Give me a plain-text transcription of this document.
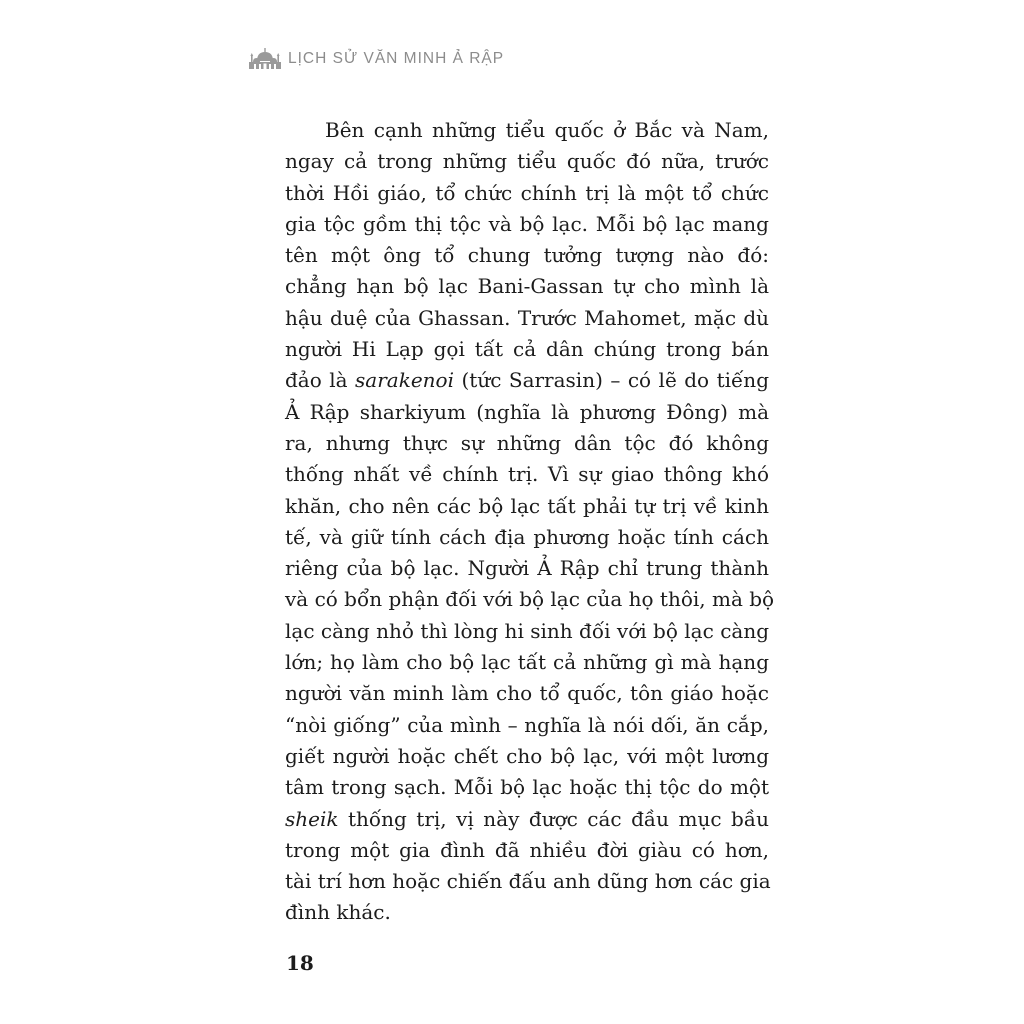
LỊCH SỬ VĂN MINH Ả RẬP
Bên cạnh những tiểu quốc ở Bắc và Nam,
ngay cả trong những tiểu quốc đó nữa, trước
thời Hồi giáo, tổ chức chính trị là một tổ chức
gia tộc gồm thị tộc và bộ lạc. Mỗi bộ lạc mang
tên một ông tổ chung tưởng tượng nào đó:
chẳng hạn bộ lạc Bani-Gassan tự cho mình là
hậu duệ của Ghassan. Trước Mahomet, mặc dù
người Hi Lạp gọi tất cả dân chúng trong bán
đảo là sarakenoi (tức Sarrasin) – có lẽ do tiếng
Ả Rập sharkiyum (nghĩa là phương Đông) mà
ra, nhưng thực sự những dân tộc đó không
thống nhất về chính trị. Vì sự giao thông khó
khăn, cho nên các bộ lạc tất phải tự trị về kinh
tế, và giữ tính cách địa phương hoặc tính cách
riêng của bộ lạc. Người Ả Rập chỉ trung thành
và có bổn phận đối với bộ lạc của họ thôi, mà bộ
lạc càng nhỏ thì lòng hi sinh đối với bộ lạc càng
lớn; họ làm cho bộ lạc tất cả những gì mà hạng
người văn minh làm cho tổ quốc, tôn giáo hoặc
“nòi giống” của mình – nghĩa là nói dối, ăn cắp,
giết người hoặc chết cho bộ lạc, với một lương
tâm trong sạch. Mỗi bộ lạc hoặc thị tộc do một
sheik thống trị, vị này được các đầu mục bầu
trong một gia đình đã nhiều đời giàu có hơn,
tài trí hơn hoặc chiến đấu anh dũng hơn các gia
đình khác.
18
